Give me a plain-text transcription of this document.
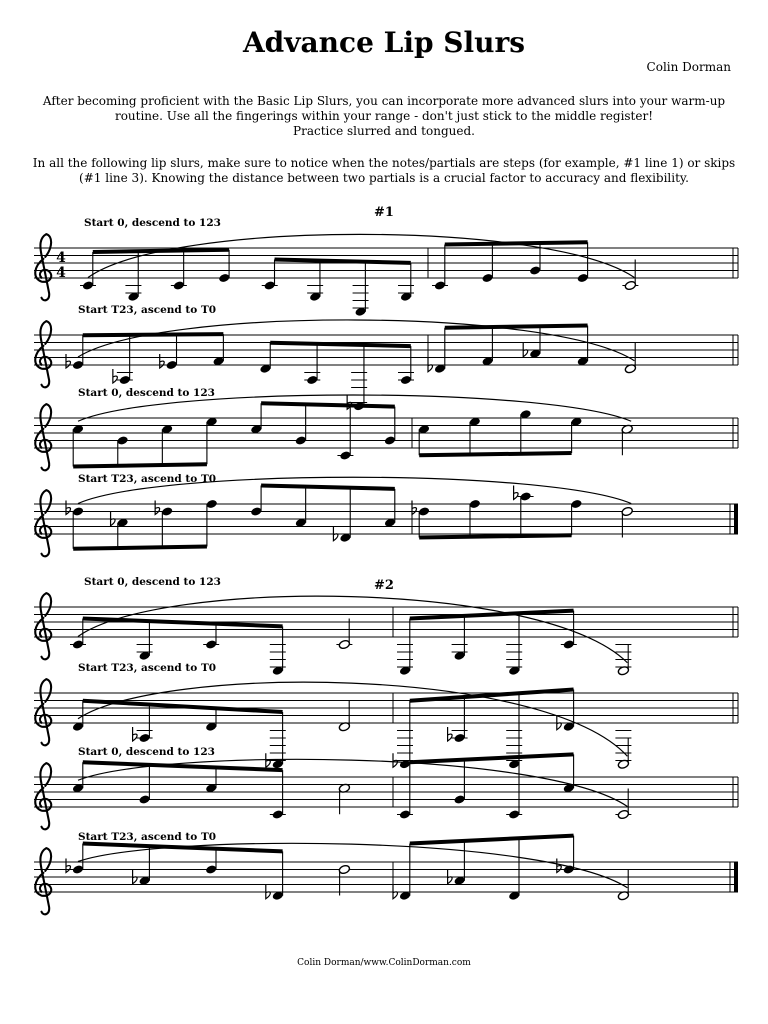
Advance Lip Slurs
Colin Dorman
After becoming proficient with the Basic Lip Slurs, you can incorporate more advanced slurs into your warm-up routine. Use all the fingerings within your range - don't just stick to the middle register!
Practice slurred and tongued.
In all the following lip slurs, make sure to notice when the notes/partials are steps (for example, #1 line 1) or skips (#1 line 3). Knowing the distance between two partials is a crucial factor to accuracy and flexibility.
#1
4
4
Start 0, descend to 123
Start T23, ascend to T0
Start 0, descend to 123
Start T23, ascend to T0
#2
Start 0, descend to 123
Start T23, ascend to T0
Start 0, descend to 123
Start T23, ascend to T0
Colin Dorman/www.ColinDorman.com
